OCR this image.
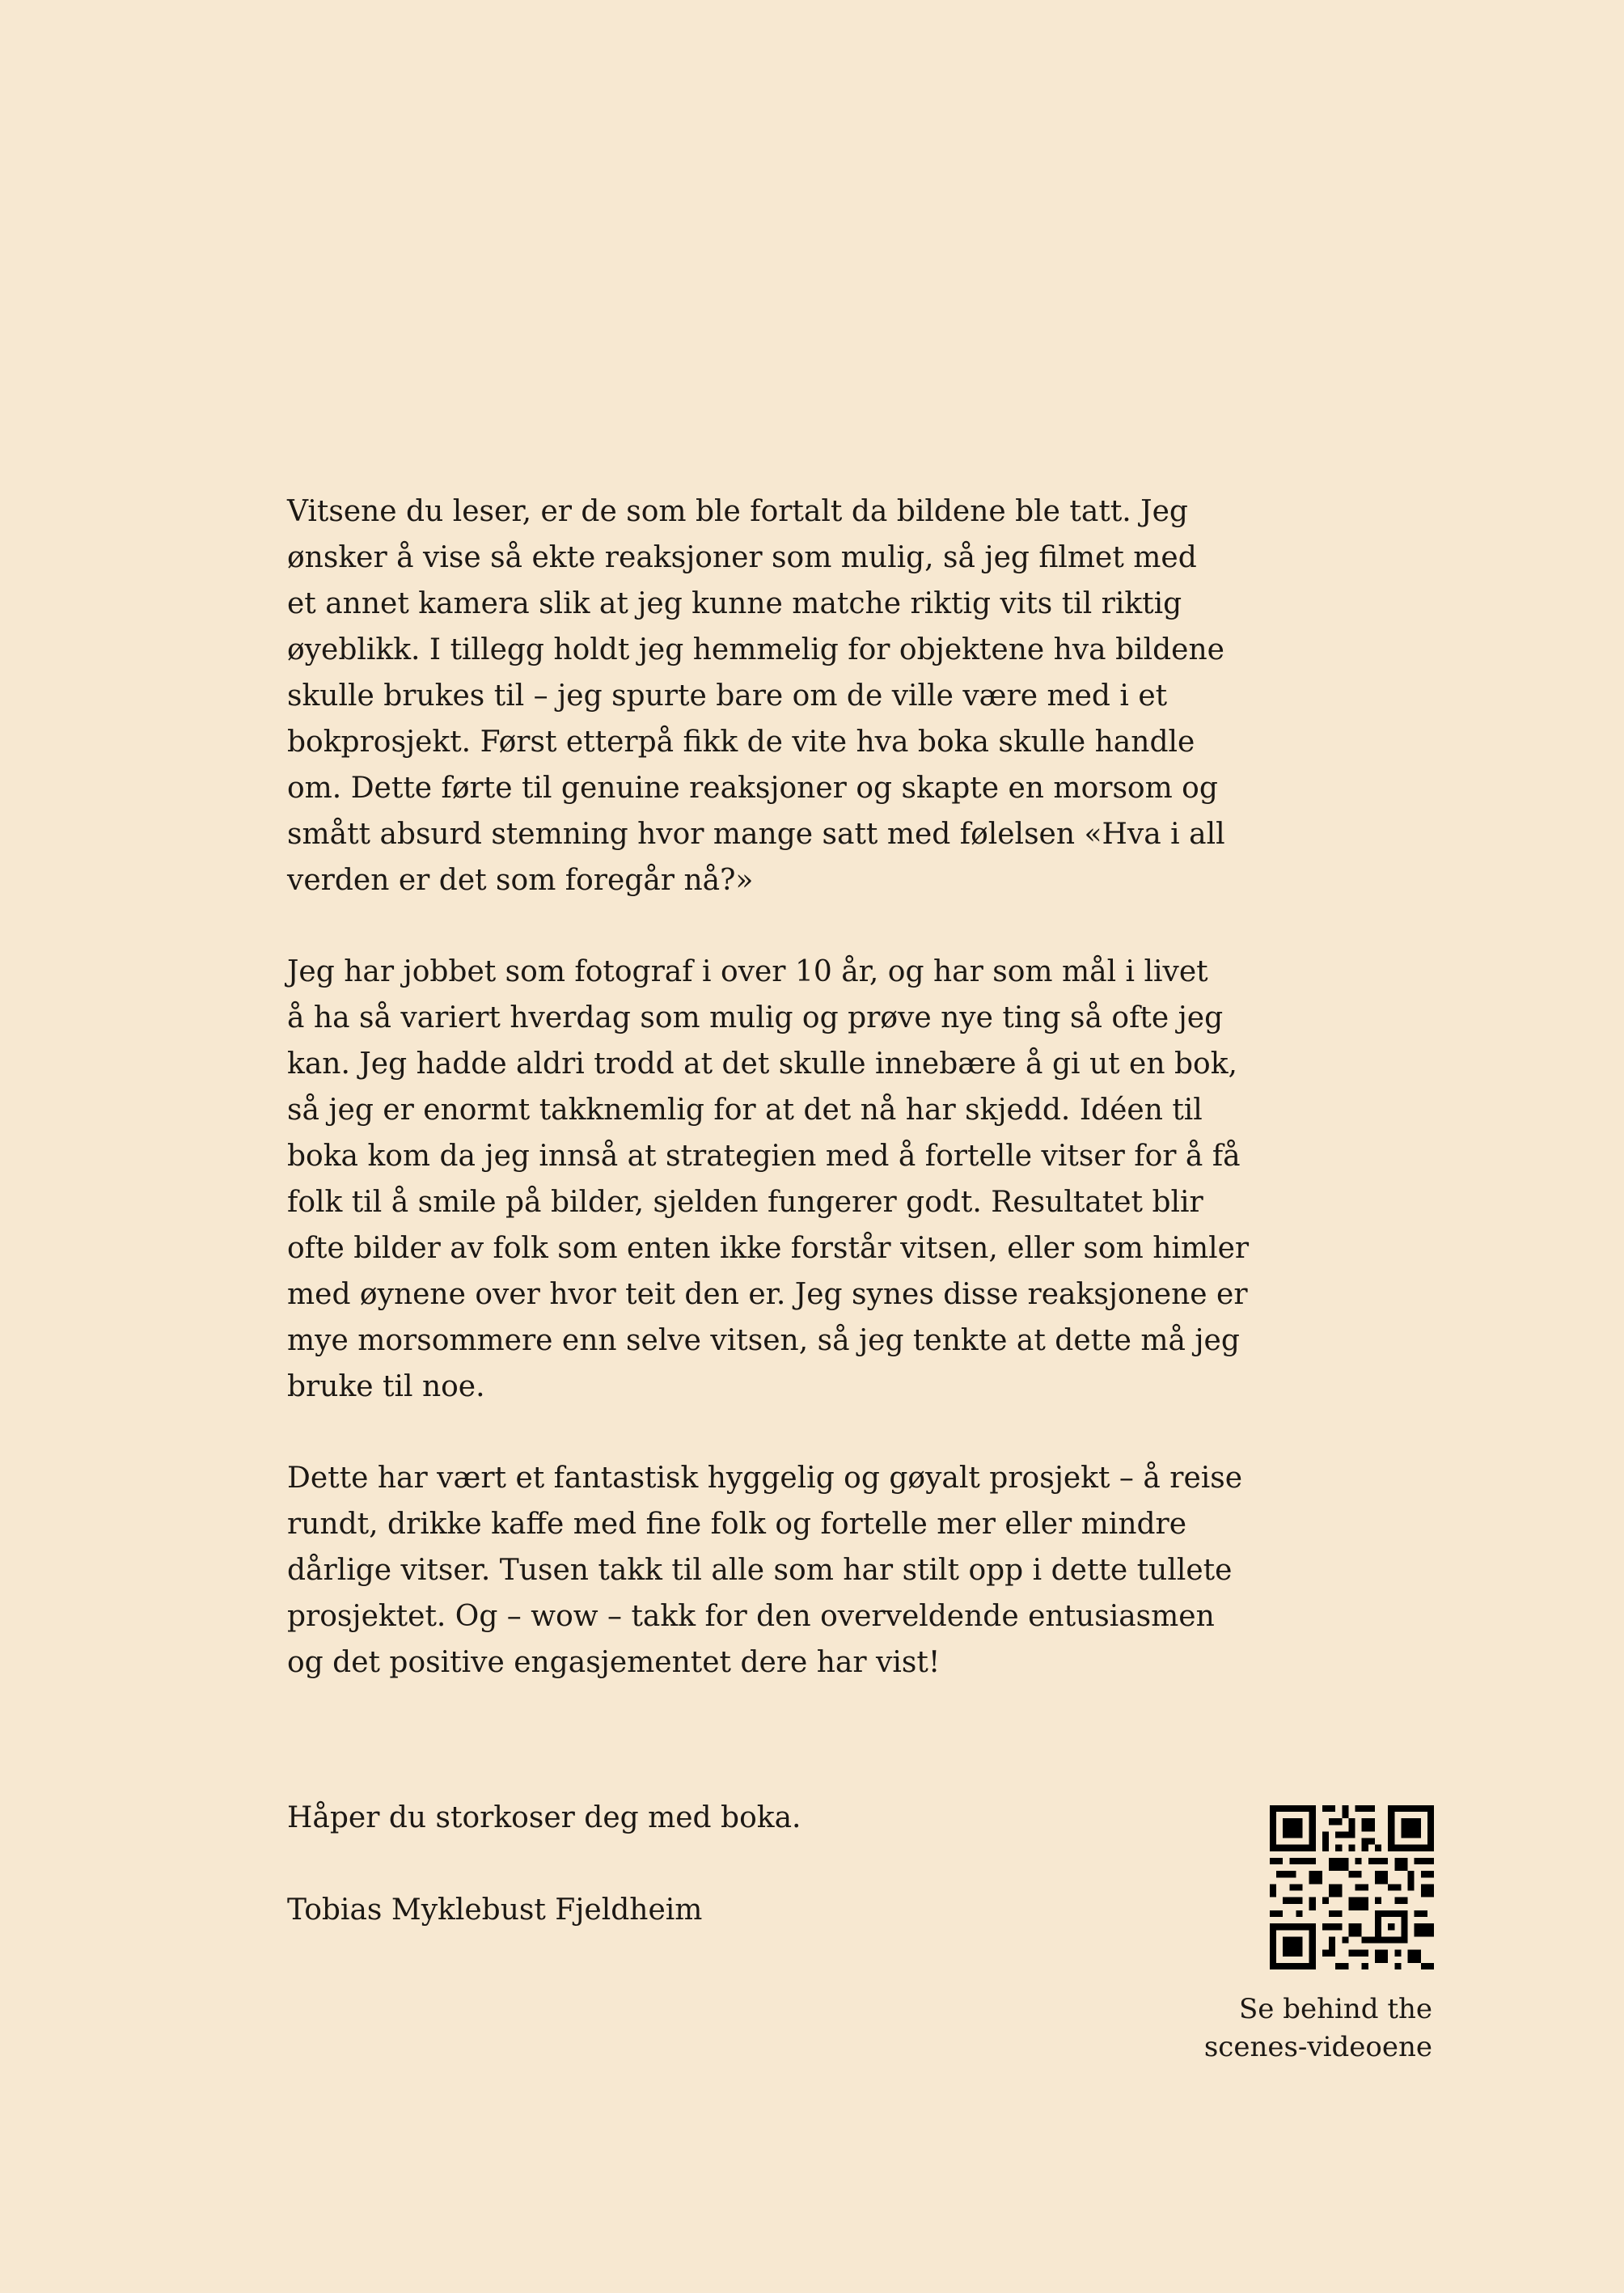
Vitsene du leser, er de som ble fortalt da bildene ble tatt. Jeg
ønsker å vise så ekte reaksjoner som mulig, så jeg filmet med
et annet kamera slik at jeg kunne matche riktig vits til riktig
øyeblikk. I tillegg holdt jeg hemmelig for objektene hva bildene
skulle brukes til – jeg spurte bare om de ville være med i et
bokprosjekt. Først etterpå fikk de vite hva boka skulle handle
om. Dette førte til genuine reaksjoner og skapte en morsom og
smått absurd stemning hvor mange satt med følelsen «Hva i all
verden er det som foregår nå?»

Jeg har jobbet som fotograf i over 10 år, og har som mål i livet
å ha så variert hverdag som mulig og prøve nye ting så ofte jeg
kan. Jeg hadde aldri trodd at det skulle innebære å gi ut en bok,
så jeg er enormt takknemlig for at det nå har skjedd. Idéen til
boka kom da jeg innså at strategien med å fortelle vitser for å få
folk til å smile på bilder, sjelden fungerer godt. Resultatet blir
ofte bilder av folk som enten ikke forstår vitsen, eller som himler
med øynene over hvor teit den er. Jeg synes disse reaksjonene er
mye morsommere enn selve vitsen, så jeg tenkte at dette må jeg
bruke til noe.

Dette har vært et fantastisk hyggelig og gøyalt prosjekt – å reise
rundt, drikke kaffe med fine folk og fortelle mer eller mindre
dårlige vitser. Tusen takk til alle som har stilt opp i dette tullete
prosjektet. Og – wow – takk for den overveldende entusiasmen
og det positive engasjementet dere har vist!

Håper du storkoser deg med boka.
Tobias Myklebust Fjeldheim
Se behind the
scenes-videoene
